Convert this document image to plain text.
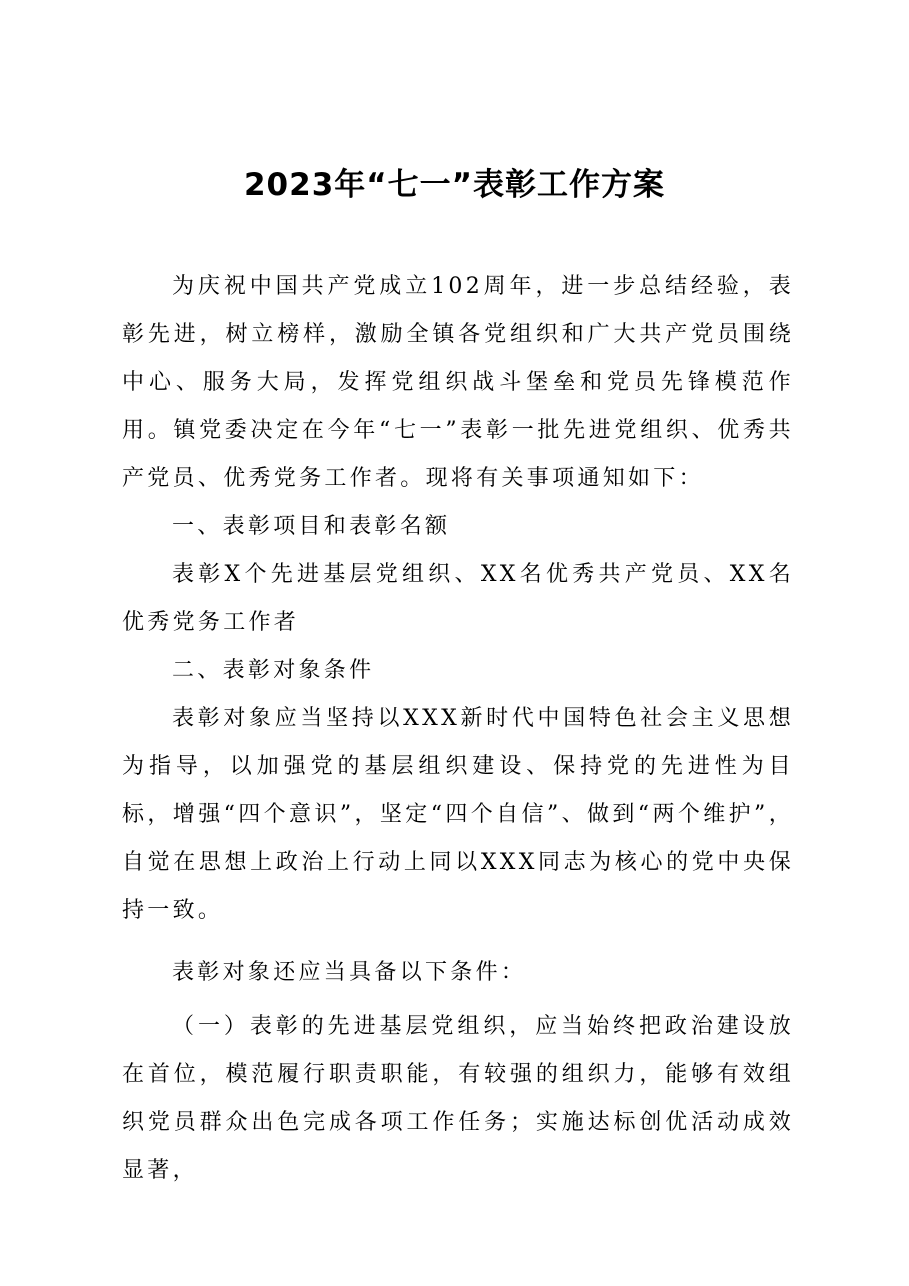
2023年“七一”表彰工作方案

为庆祝中国共产党成立102周年，进一步总结经验，表彰先进，树立榜样，激励全镇各党组织和广大共产党员围绕中心、服务大局，发挥党组织战斗堡垒和党员先锋模范作用。镇党委决定在今年“七一”表彰一批先进党组织、优秀共产党员、优秀党务工作者。现将有关事项通知如下：

一、表彰项目和表彰名额

表彰X个先进基层党组织、XX名优秀共产党员、XX名优秀党务工作者

二、表彰对象条件

表彰对象应当坚持以XXX新时代中国特色社会主义思想为指导，以加强党的基层组织建设、保持党的先进性为目标，增强“四个意识”，坚定“四个自信”、做到“两个维护”，自觉在思想上政治上行动上同以XXX同志为核心的党中央保持一致。

表彰对象还应当具备以下条件：

（一）表彰的先进基层党组织，应当始终把政治建设放在首位，模范履行职责职能，有较强的组织力，能够有效组织党员群众出色完成各项工作任务；实施达标创优活动成效显著，
